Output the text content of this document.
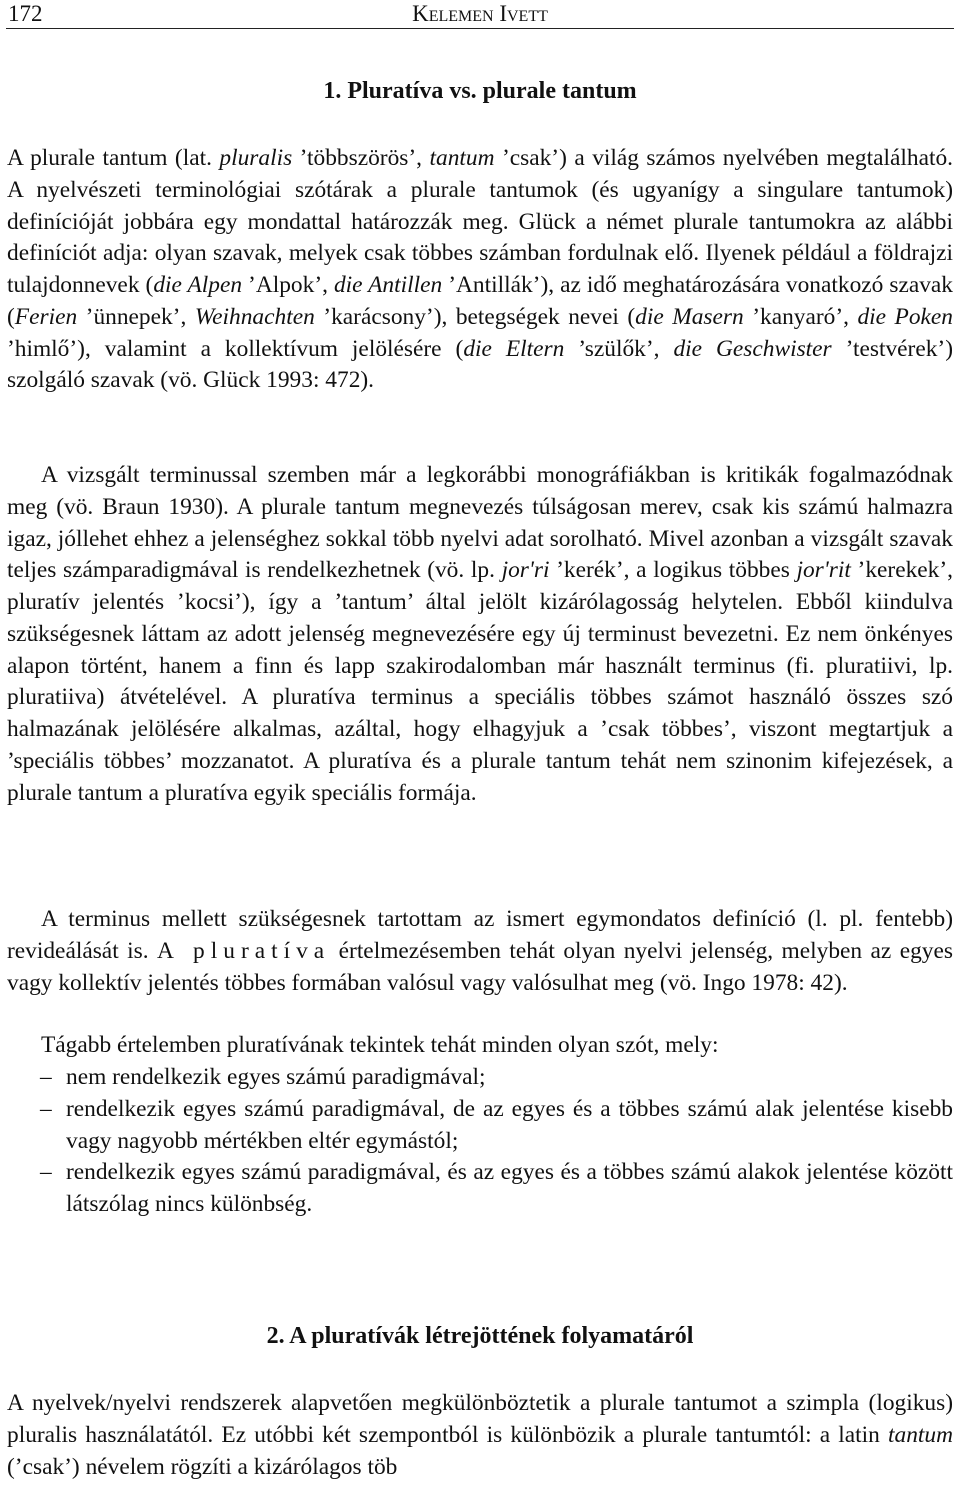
172	Kelemen Ivett
1. Pluratíva vs. plurale tantum

A plurale tantum (lat. pluralis ’többszörös’, tantum ’csak’) a világ számos nyelvében megtalálható. A nyelvészeti terminológiai szótárak a plurale tantumok (és ugyanígy a singulare tantumok) definícióját jobbára egy mondattal határozzák meg. Glück a német plurale tantumokra az alábbi definíciót adja: olyan szavak, melyek csak többes számban fordulnak elő. Ilyenek például a földrajzi tulajdonnevek (die Alpen ’Alpok’, die Antillen ’Antillák’), az idő meghatározására vonatkozó szavak (Ferien ’ünnepek’, Weihnachten ’karácsony’), betegségek nevei (die Masern ’kanyaró’, die Poken ’himlő’), valamint a kollektívum jelölésére (die Eltern ’szülők’, die Geschwister ’testvérek’) szolgáló szavak (vö. Glück 1993: 472).

A vizsgált terminussal szemben már a legkorábbi monográfiákban is kritikák fogalmazódnak meg (vö. Braun 1930). A plurale tantum megnevezés túlságosan merev, csak kis számú halmazra igaz, jóllehet ehhez a jelenséghez sokkal több nyelvi adat sorolható. Mivel azonban a vizsgált szavak teljes számparadigmával is rendelkezhetnek (vö. lp. jor'ri ’kerék’, a logikus többes jor'rit ’kerekek’, pluratív jelentés ’kocsi’), így a ’tantum’ által jelölt kizárólagosság helytelen. Ebből kiindulva szükségesnek láttam az adott jelenség megnevezésére egy új terminust bevezetni. Ez nem önkényes alapon történt, hanem a finn és lapp szakirodalomban már használt terminus (fi. pluratiivi, lp. pluratiiva) átvételével. A pluratíva terminus a speciális többes számot használó összes szó halmazának jelölésére alkalmas, azáltal, hogy elhagyjuk a ’csak többes’, viszont megtartjuk a ’speciális többes’ mozzanatot. A pluratíva és a plurale tantum tehát nem szinonim kifejezések, a plurale tantum a pluratíva egyik speciális formája.

A terminus mellett szükségesnek tartottam az ismert egymondatos definíció (l. pl. fentebb) revideálását is. A pluratíva értelmezésemben tehát olyan nyelvi jelenség, melyben az egyes vagy kollektív jelentés többes formában valósul vagy valósulhat meg (vö. Ingo 1978: 42).

Tágabb értelemben pluratívának tekintek tehát minden olyan szót, mely:

– nem rendelkezik egyes számú paradigmával;
– rendelkezik egyes számú paradigmával, de az egyes és a többes számú alak jelentése kisebb vagy nagyobb mértékben eltér egymástól;
– rendelkezik egyes számú paradigmával, és az egyes és a többes számú alakok jelentése között látszólag nincs különbség.
2. A pluratívák létrejöttének folyamatáról

A nyelvek/nyelvi rendszerek alapvetően megkülönböztetik a plurale tantumot a szimpla (logikus) pluralis használatától. Ez utóbbi két szempontból is különbözik a plurale tantumtól: a latin tantum (’csak’) névelem rögzíti a kizárólagos töb
